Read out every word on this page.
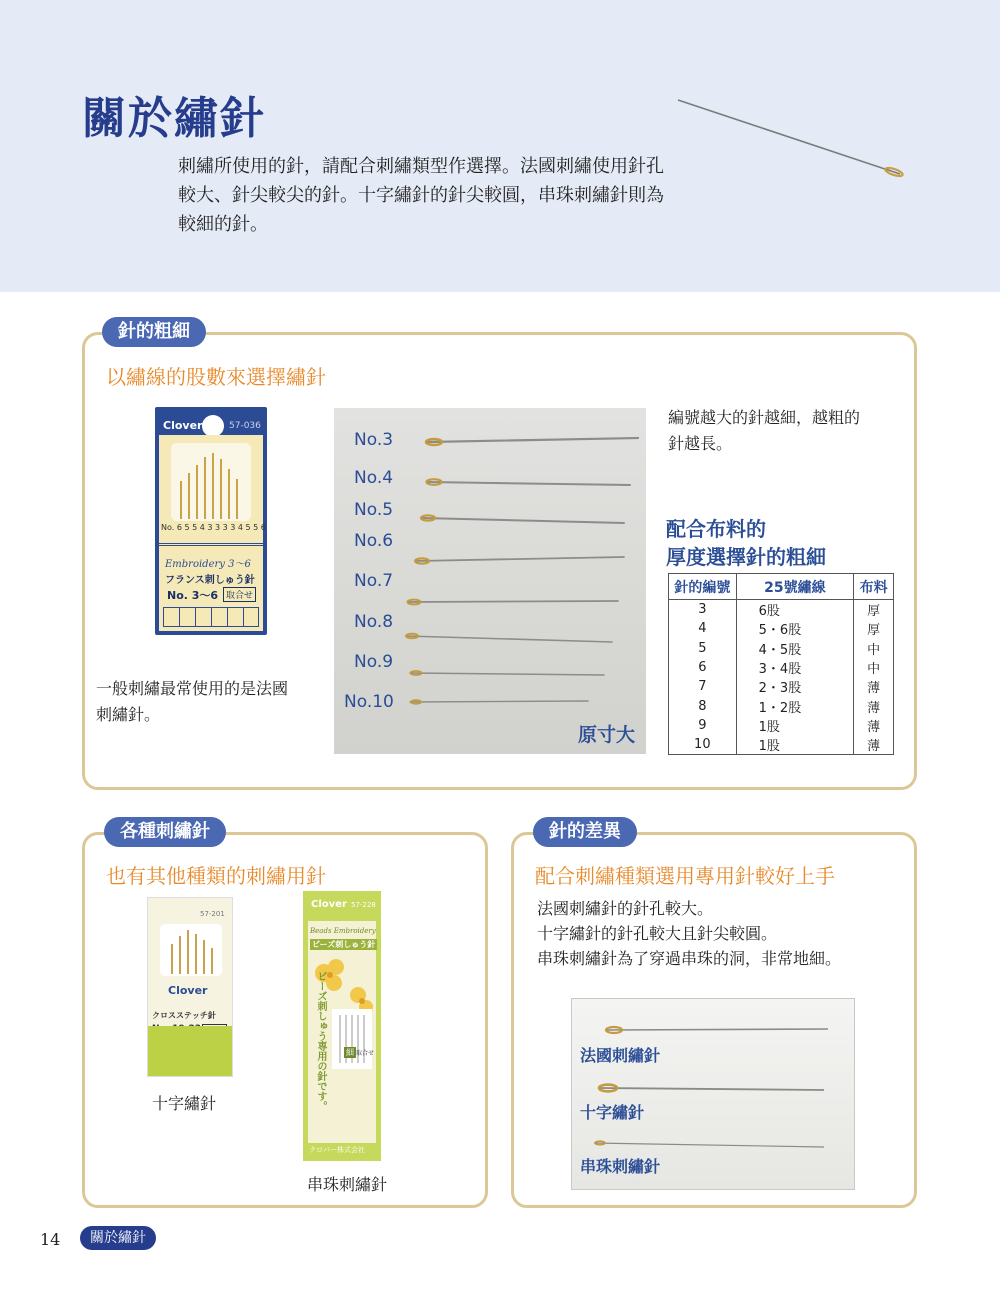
關於繡針
刺繡所使用的針，請配合刺繡類型作選擇。法國刺繡使用針孔
較大、針尖較尖的針。十字繡針的針尖較圓，串珠刺繡針則為
較細的針。
針的粗細
以繡線的股數來選擇繡針
Clover	57-036
No. 6 5 5 4 3 3 3 3 4 5 5 6
Embroidery 3～6
フランス刺しゅう針
No. 3～6 取合せ
一般刺繡最常使用的是法國
刺繡針。
No.3
No.4
No.5
No.6
No.7
No.8
No.9
No.10
原寸大
編號越大的針越細，越粗的
針越長。
配合布料的
厚度選擇針的粗細
針的編號	25號繡線	布料
3	6股	厚
4	5・6股	厚
5	4・5股	中
6	3・4股	中
7	2・3股	薄
8	1・2股	薄
9	1股	薄
10	1股	薄
各種刺繡針
也有其他種類的刺繡用針
57-201
Clover
クロスステッチ針
十字繡針
Clover 57-228
Beads Embroidery
ビーズ刺しゅう針
ビーズ刺しゅう専用の針です。	細 取合せ
クロバー株式会社
串珠刺繡針
針的差異
配合刺繡種類選用專用針較好上手
法國刺繡針的針孔較大。
十字繡針的針孔較大且針尖較圓。
串珠刺繡針為了穿過串珠的洞，非常地細。
法國刺繡針
十字繡針
串珠刺繡針
14	關於繡針
